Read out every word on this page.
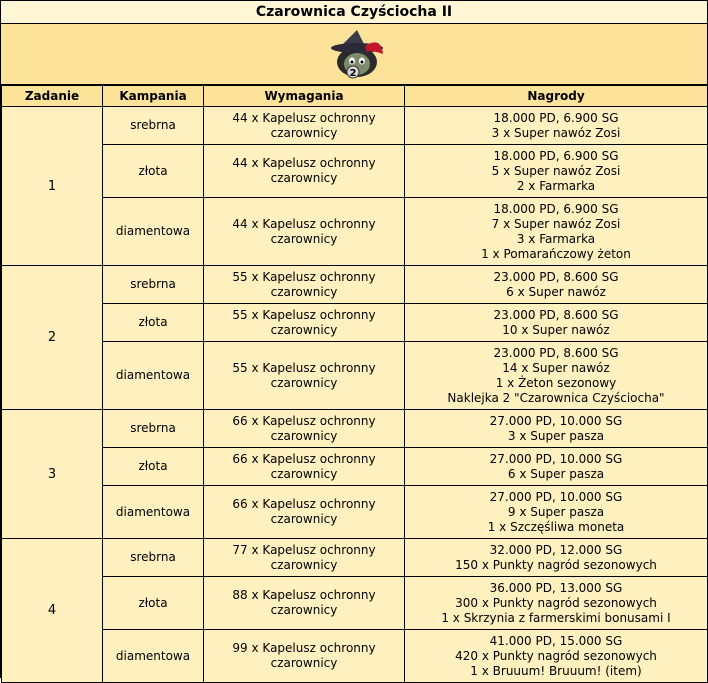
Czarownica Czyściocha II
2
Zadanie	Kampania	Wymagania	Nagrody
1	srebrna	44 x Kapelusz ochronny
czarownicy	18.000 PD, 6.900 SG
3 x Super nawóz Zosi

	złota	44 x Kapelusz ochronny
czarownicy	18.000 PD, 6.900 SG
5 x Super nawóz Zosi
2 x Farmarka

	diamentowa	44 x Kapelusz ochronny
czarownicy	18.000 PD, 6.900 SG
7 x Super nawóz Zosi
3 x Farmarka
1 x Pomarańczowy żeton

2	srebrna	55 x Kapelusz ochronny
czarownicy	23.000 PD, 8.600 SG
6 x Super nawóz

	złota	55 x Kapelusz ochronny
czarownicy	23.000 PD, 8.600 SG
10 x Super nawóz

	diamentowa	55 x Kapelusz ochronny
czarownicy	23.000 PD, 8.600 SG
14 x Super nawóz
1 x Żeton sezonowy
Naklejka 2 "Czarownica Czyściocha"

3	srebrna	66 x Kapelusz ochronny
czarownicy	27.000 PD, 10.000 SG
3 x Super pasza

	złota	66 x Kapelusz ochronny
czarownicy	27.000 PD, 10.000 SG
6 x Super pasza

	diamentowa	66 x Kapelusz ochronny
czarownicy	27.000 PD, 10.000 SG
9 x Super pasza
1 x Szczęśliwa moneta

4	srebrna	77 x Kapelusz ochronny
czarownicy	32.000 PD, 12.000 SG
150 x Punkty nagród sezonowych

	złota	88 x Kapelusz ochronny
czarownicy	36.000 PD, 13.000 SG
300 x Punkty nagród sezonowych
1 x Skrzynia z farmerskimi bonusami I

	diamentowa	99 x Kapelusz ochronny
czarownicy	41.000 PD, 15.000 SG
420 x Punkty nagród sezonowych
1 x Bruuum! Bruuum! (item)
